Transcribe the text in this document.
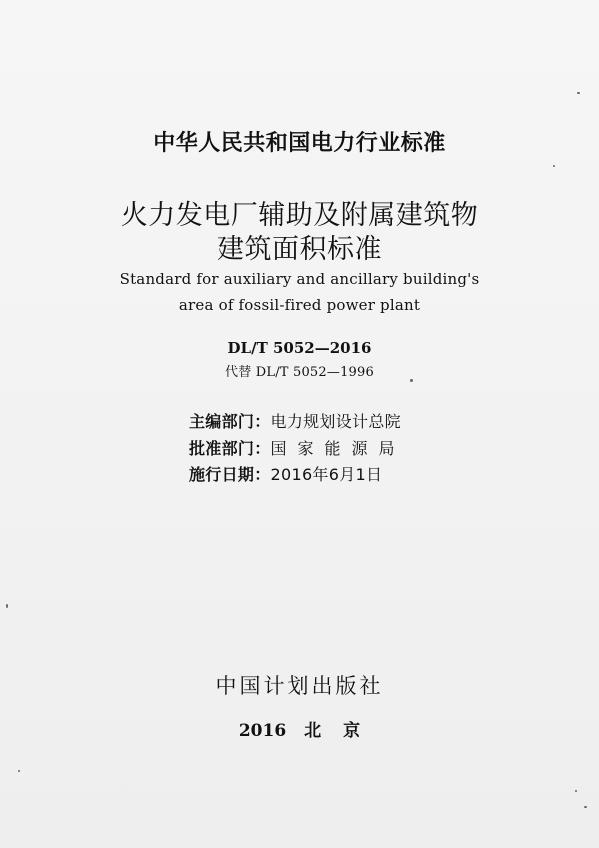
中华人民共和国电力行业标准
火力发电厂辅助及附属建筑物
建筑面积标准
Standard for auxiliary and ancillary building's
area of fossil-fired power plant
DL/T 5052—2016
代替 DL/T 5052—1996
主编部门：电力规划设计总院
批准部门：国家能源局
施行日期：2016年6月1日
中国计划出版社
2016 北 京
